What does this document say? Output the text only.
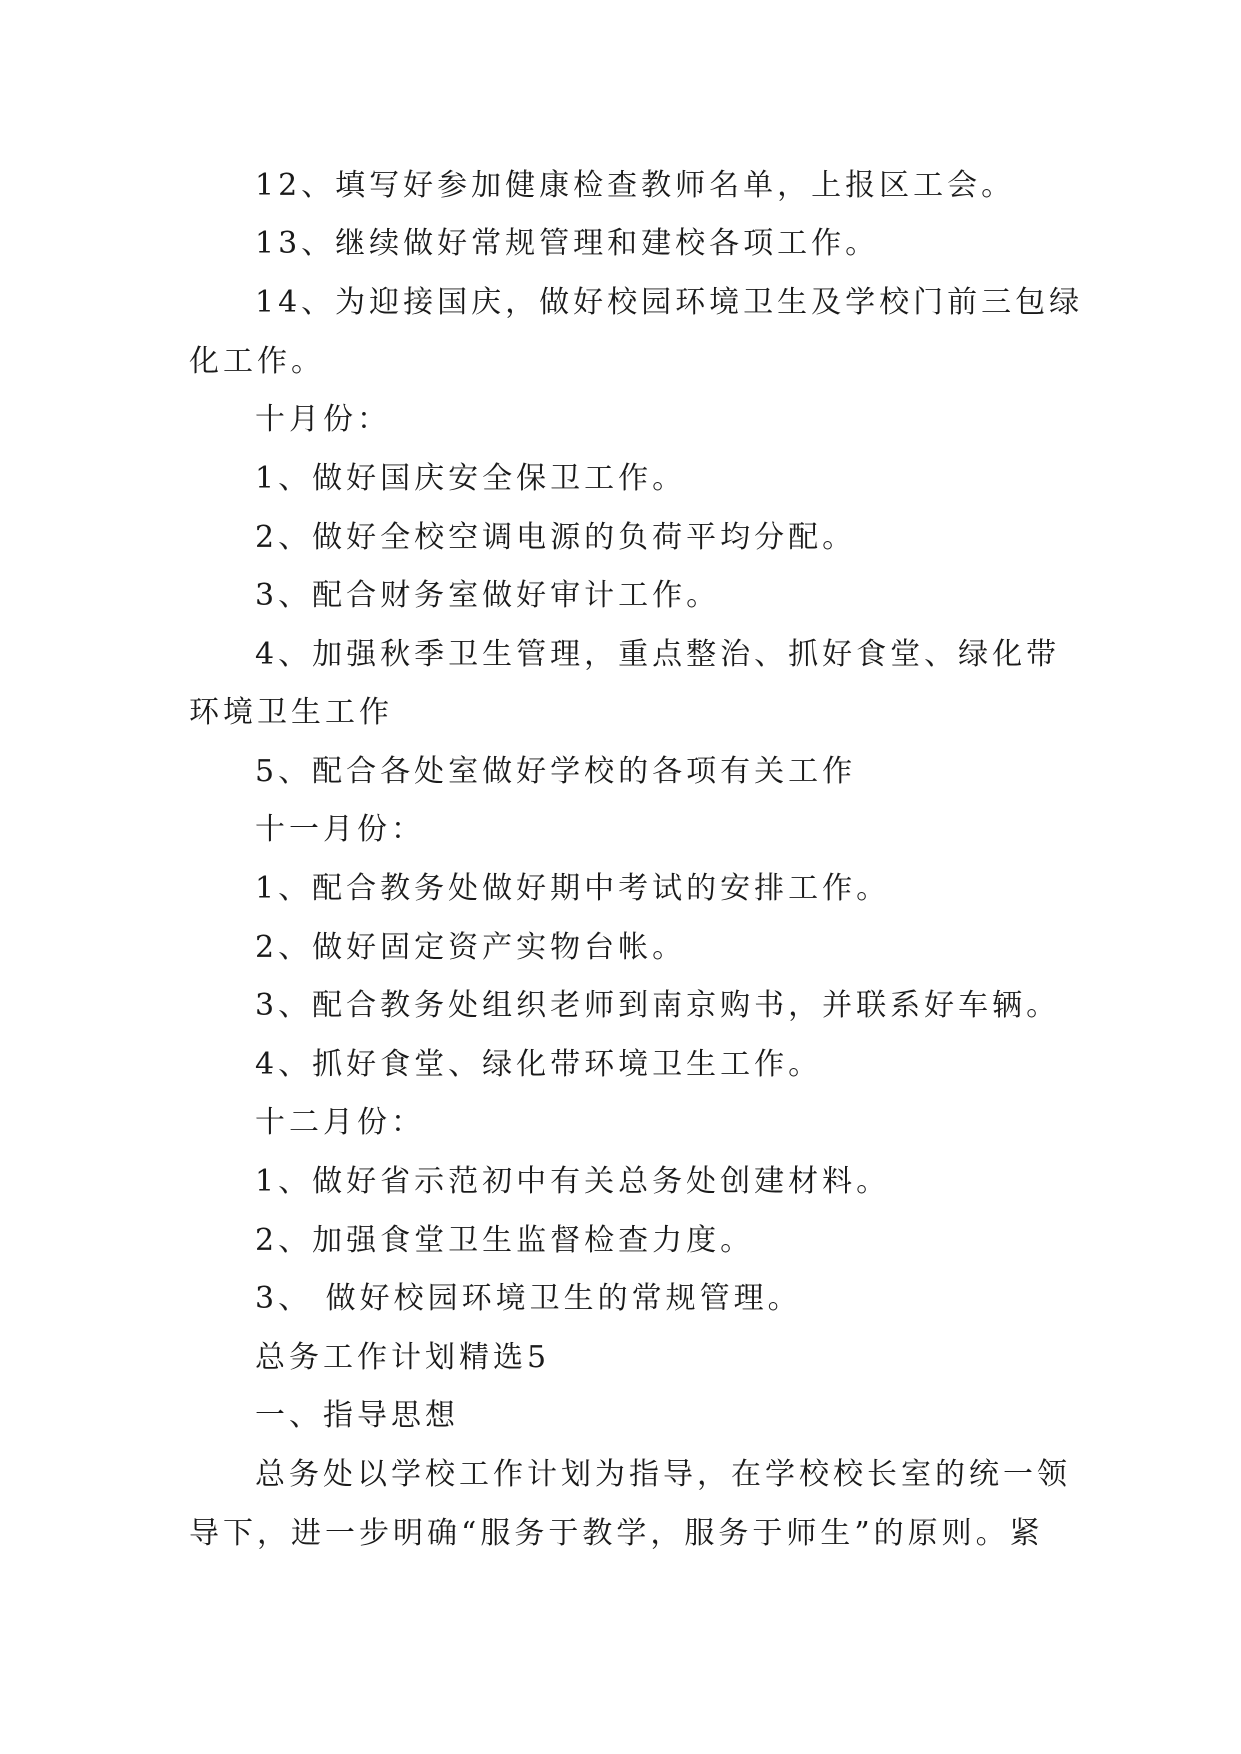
12、填写好参加健康检查教师名单，上报区工会。
13、继续做好常规管理和建校各项工作。
14、为迎接国庆，做好校园环境卫生及学校门前三包绿
化工作。
十月份：
1、做好国庆安全保卫工作。
2、做好全校空调电源的负荷平均分配。
3、配合财务室做好审计工作。
4、加强秋季卫生管理，重点整治、抓好食堂、绿化带
环境卫生工作
5、配合各处室做好学校的各项有关工作
十一月份：
1、配合教务处做好期中考试的安排工作。
2、做好固定资产实物台帐。
3、配合教务处组织老师到南京购书，并联系好车辆。
4、抓好食堂、绿化带环境卫生工作。
十二月份：
1、做好省示范初中有关总务处创建材料。
2、加强食堂卫生监督检查力度。
3、 做好校园环境卫生的常规管理。
总务工作计划精选5
一、指导思想
总务处以学校工作计划为指导，在学校校长室的统一领
导下，进一步明确“服务于教学，服务于师生”的原则。紧
